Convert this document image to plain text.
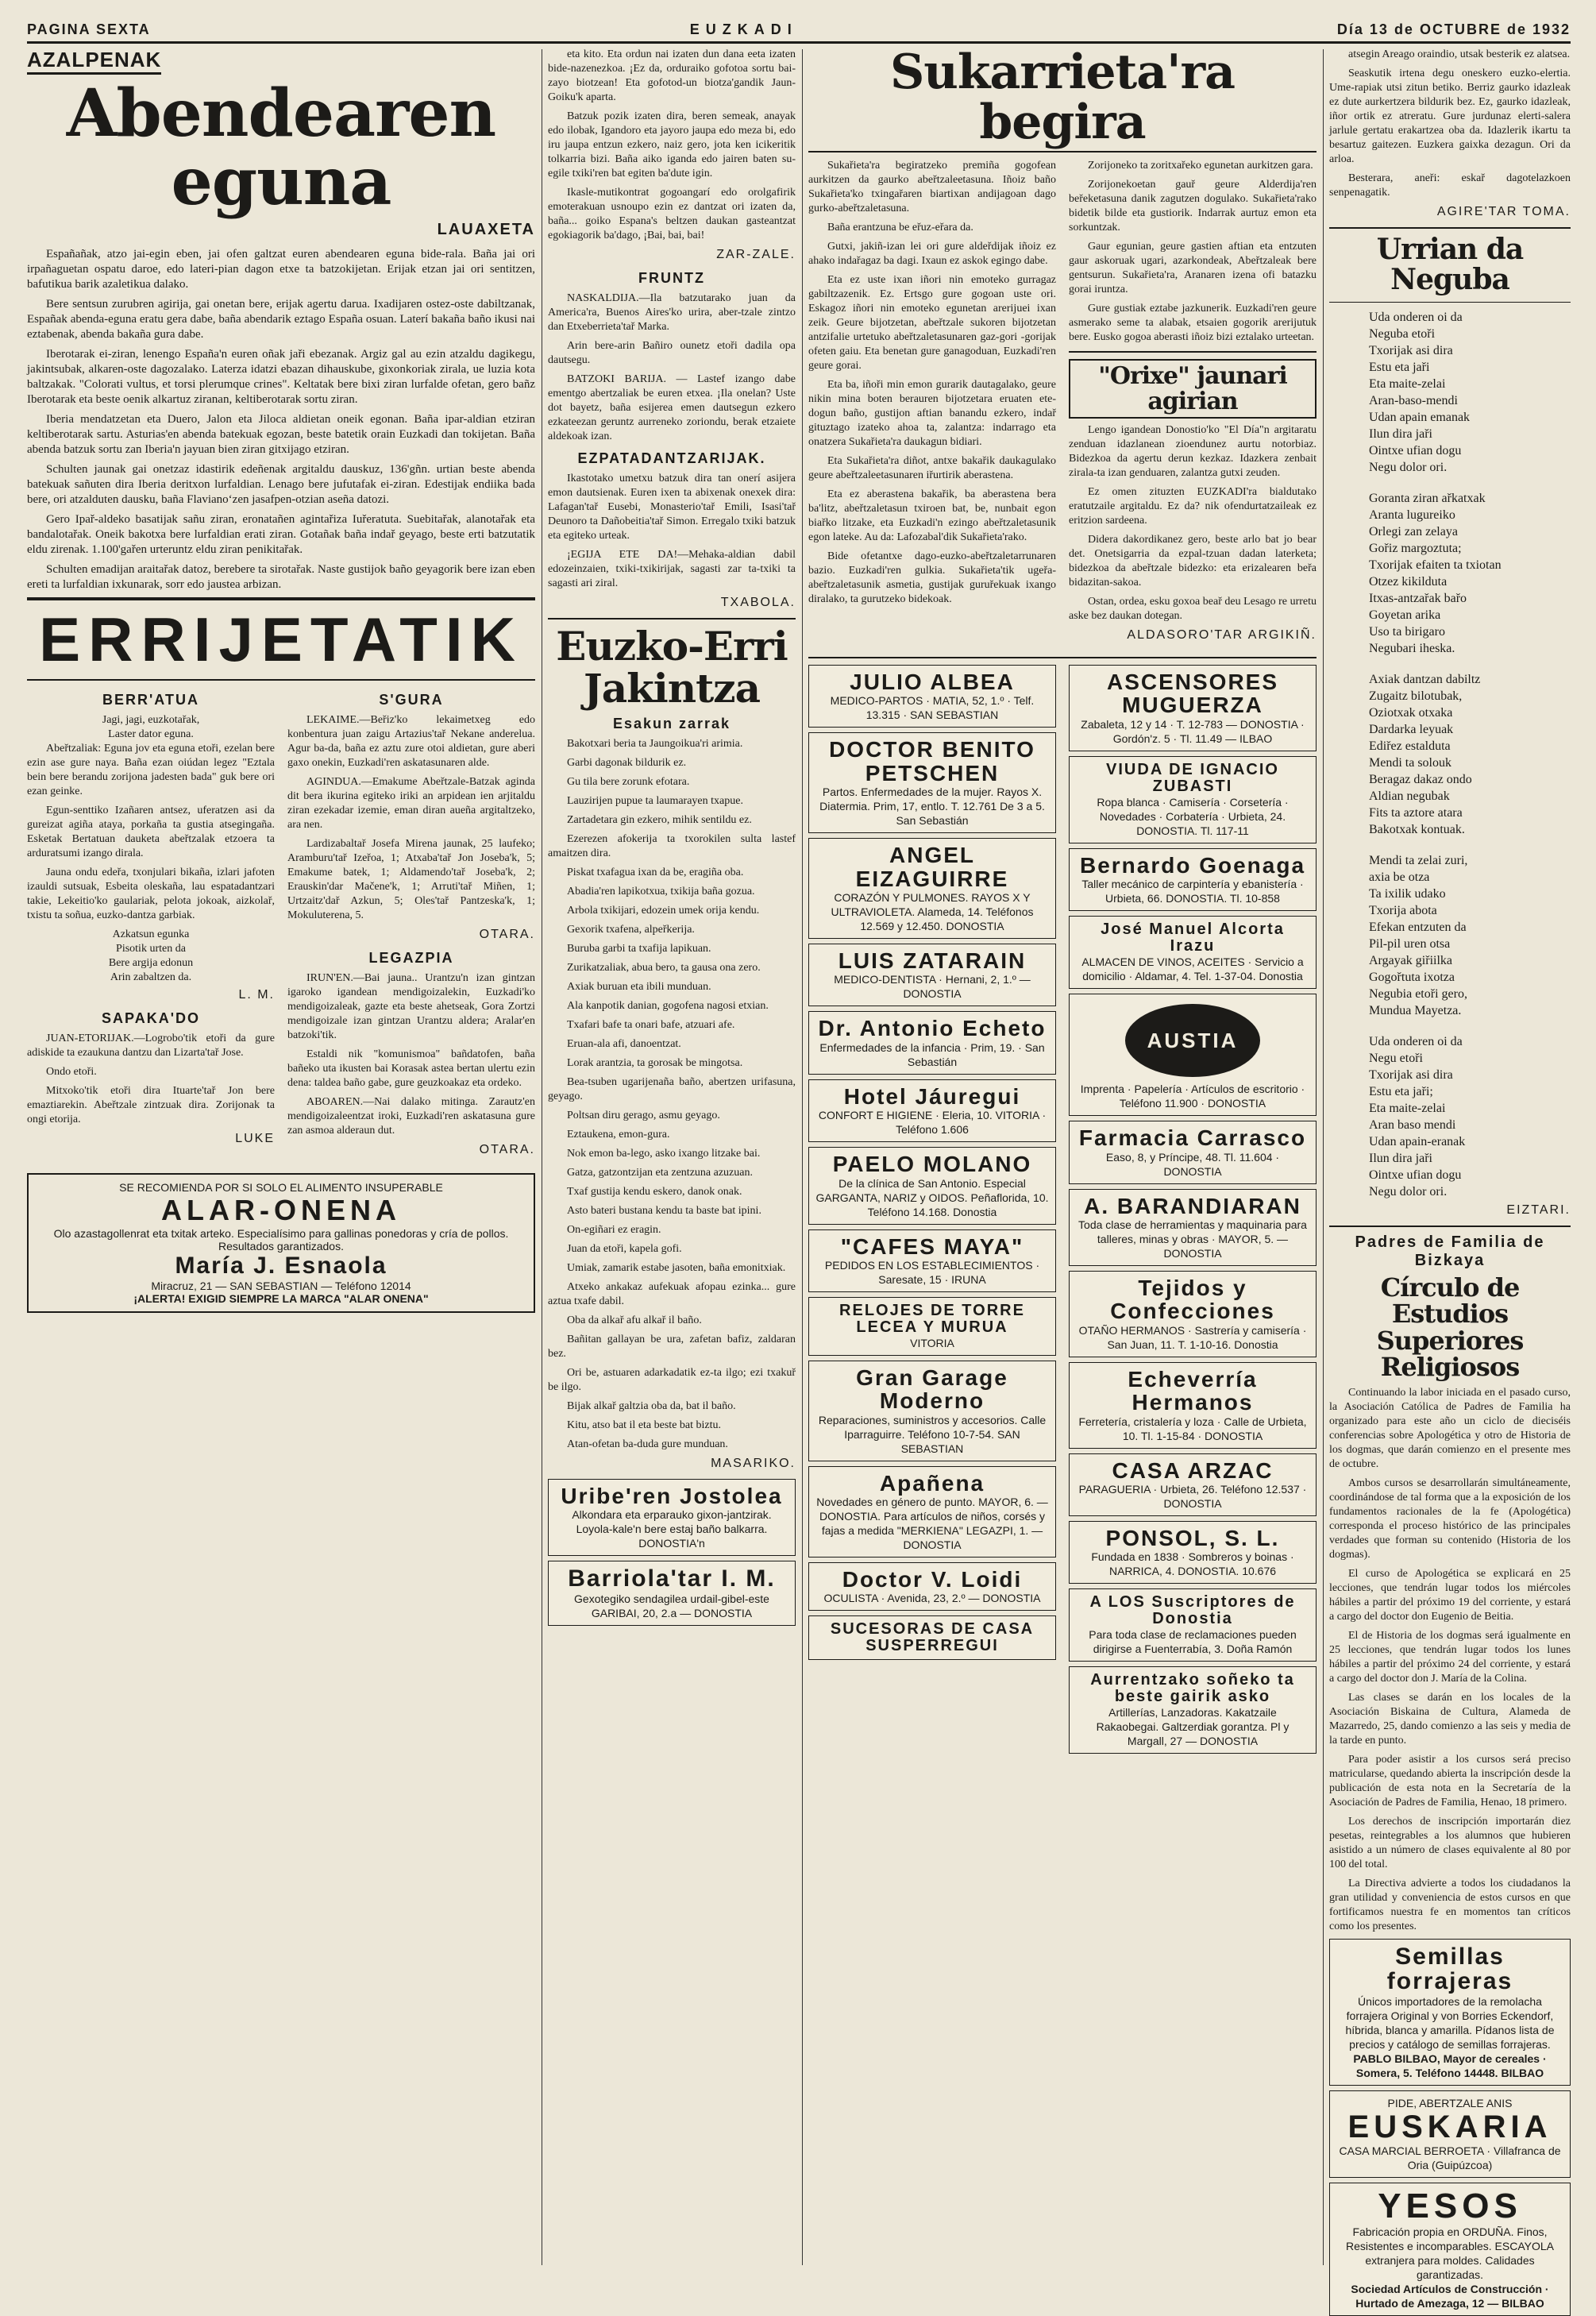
PAGINA SEXTA	EUZKADI	Día 13 de OCTUBRE de 1932
AZALPENAK
Abendearen eguna
LAUAXETA

Españañak, atzo jai-egin eben, jai ofen galtzat euren abendearen eguna bide-rala. Baña jai ori irpañaguetan ospatu daroe, edo lateri-pian dagon etxe ta batzokijetan. Erijak etzan jai ori sentitzen, bafutikua barik azaletikua dalako.

Bere sentsun zurubren agirija, gai onetan bere, erijak agertu darua. Ixadijaren ostez-oste dabiltzanak, Españak abenda-eguna eratu gera dabe, baña abendarik eztago España osuan. Laterí bakaña baño ikusi nai eztabenak, abenda bakaña gura dabe.

Iberotarak ei-ziran, lenengo España'n euren oñak jaři ebezanak. Argiz gal au ezin atzaldu dagikegu, jakintsubak, alkaren-oste dagozalako. Laterza idatzi ebazan dihauskube, gixonkoriak zirala, ue luzia kota baltzakak. "Colorati vultus, et torsi plerumque crines". Keltatak bere bixi ziran lurfalde ofetan, gero bañz Iberotarak eta beste oenik alkartuz ziranan, keltiberotarak sortu ziran.

Iberia mendatzetan eta Duero, Jalon eta Jiloca aldietan oneik egonan. Baña ipar-aldian etziran keltiberotarak sartu. Asturias'en abenda batekuak egozan, beste batetik orain Euzkadi dan tokijetan. Baña abenda batzuk sortu zan Iberia'n jayuan bien ziran gitxijago etziran.

Schulten jaunak gai onetzaz idastirik edeñenak argitaldu dauskuz, 136'gñn. urtian beste abenda batekuak sañuten dira Iberia deritxon lurfaldian. Lenago bere jufutafak ei-ziran. Edestijak endiika bada bere, ori atzalduten dausku, baña Flavianoʻzen jasafpen-otzian aseña datozi.

Gero Ipař-aldeko basatijak sañu ziran, eronatañen agintařiza Iuřeratuta. Suebitařak, alanotařak eta bandalotařak. Oneik bakotxa bere lurfaldian erati ziran. Gotañak baña indař geyago, beste erti batzutatik eldu zirenak. 1.100'gařen urteruntz eldu ziran penikitařak.

Schulten emadijan araitařak datoz, berebere ta sirotařak. Naste gustijok baño geyagorik bere izan eben ereti ta lurfaldian ixkunarak, sorr edo jaustea arbizan.

ERRIJETATIK
BERR'ATUA

Jagi, jagi, euzkotařak,

Laster dator eguna.

Abeřtzaliak: Eguna jov eta eguna etoři, ezelan bere ezin ase gure naya. Baña ezan oiúdan legez "Eztala bein bere berandu zorijona jadesten bada" guk bere ori ezan geinke.

Egun-senttiko Izañaren antsez, uferatzen asi da gureizat agiña ataya, porkaña ta gustia atsegingaña. Esketak Bertatuan dauketa abeřtzalak etzoera ta arduratsumi izango dirala.

Jauna ondu edeřa, txonjulari bikaña, izlari jafoten izauldi sutsuak, Esbeita oleskaña, lau espatadantzari takie, Lekeitio'ko gaulariak, pelota jokoak, aizkolař, txistu ta soñua, euzko-dantza garbiak.

Azkatsun egunka

Pisotik urten da

Bere argija edonun

Arin zabaltzen da.

L. M.
SAPAKA'DO

JUAN-ETORIJAK.—Logrobo'tik etoři da gure adiskide ta ezaukuna dantzu dan Lizarta'tař Jose.

Ondo etoři.

Mitxoko'tik etoři dira Ituarte'tař Jon bere emaztiarekin. Abeřtzale zintzuak dira. Zorijonak ta ongi etorija.

LUKE
S'GURA

LEKAIME.—Beřiz'ko lekaimetxeg edo konbentura juan zaigu Artazius'tař Nekane anderelua. Agur ba-da, baña ez aztu zure otoi aldietan, gure aberi gaxo onekin, Euzkadi'ren askatasunaren alde.

AGINDUA.—Emakume Abeřtzale-Batzak aginda dit bera ikurina egiteko iriki an arpidean ien arjitaldu ziran ezekadar izemie, eman diran aueña argitaltzeko, ara nen.

Lardizabaltař Josefa Mirena jaunak, 25 laufeko; Aramburu'tař Izeřoa, 1; Atxaba'tař Jon Joseba'k, 5; Emakume batek, 1; Aldamendo'tař Joseba'k, 2; Erauskin'dar Mačene'k, 1; Arruti'tař Miñen, 1; Urtzaitz'dař Azkun, 5; Oles'tař Pantzeska'k, 1; Mokuluterena, 5.

OTARA.
LEGAZPIA

IRUN'EN.—Bai jauna.. Urantzu'n izan gintzan igaroko igandean mendigoizalekin, Euzkadi'ko mendigoizaleak, gazte eta beste ahetseak, Gora Zortzi mendigoizale izan gintzan Urantzu aldera; Aralar'en batzoki'tik.

Estaldi nik "komunismoa" bañdatofen, baña bañeko uta ikusten bai Korasak astea bertan ulertu ezin dena: taldea baño gabe, gure geuzkoakaz eta ordeko.

ABOAREN.—Nai dalako mitinga. Zarautz'en mendigoizaleentzat iroki, Euzkadi'ren askatasuna gure zan asmoa alderaun dut.

OTARA.
SE RECOMIENDA POR SI SOLO EL ALIMENTO INSUPERABLE
ALAR-ONENA
Olo azastagollenrat eta txitak arteko. Especialísimo para gallinas ponedoras y cría de pollos. Resultados garantizados.
María J. Esnaola
Miracruz, 21 — SAN SEBASTIAN — Teléfono 12014
¡ALERTA! EXIGID SIEMPRE LA MARCA "ALAR ONENA"

eta kito. Eta ordun nai izaten dun dana eeta izaten bide-nazenezkoa. ¡Ez da, orduraiko gofotoa sortu bai-zayo biotzean! Eta gofotod-un biotza'gandik Jaun-Goiku'k aparta.

Batzuk pozik izaten dira, beren semeak, anayak edo ilobak, Igandoro eta jayoro jaupa edo meza bi, edo iru jaupa entzun ezkero, naiz gero, jota ken icikeritik tolkarria bizi. Baña aiko iganda edo jairen baten su-egile txiki'ren bat egiten ba'dute igin.

Ikasle-mutikontrat gogoangarí edo orolgafirik emoterakuan usnoupo ezin ez dantzat ori izaten da, baña... goiko Espana's beltzen daukan gasteantzat egokiagorik ba'dago, ¡Bai, bai, bai!

ZAR-ZALE.
FRUNTZ

NASKALDIJA.—Ila batzutarako juan da America'ra, Buenos Aires'ko urira, aber-tzale zintzo dan Etxeberrieta'tař Marka.

Arin bere-arin Bañiro ounetz etoři dadila opa dautsegu.

BATZOKI BARIJA. — Lastef izango dabe ementgo abertzaliak be euren etxea. ¡Ila onelan? Uste dot bayetz, baña esijerea emen dautsegun ezkero ezkateezan geruntz aurreneko zoriondu, berak etzaiete aldekoak izan.

EZPATADANTZARIJAK.

Ikastotako umetxu batzuk dira tan onerí asijera emon dautsienak. Euren ixen ta abixenak onexek dira: Lafagan'tař Eusebi, Monasterio'tař Emili, Isasi'tař Deunoro ta Dañobeitia'tař Simon. Erregalo txiki batzuk eta egiteko urteak.

¡EGIJA ETE DA!—Mehaka-aldian dabil edozeinzaien, txiki-txikirijak, sagasti zar ta-txiki ta sagasti ari ziral.

TXABOLA.
Euzko-Erri
Jakintza
Esakun zarrak

Bakotxari beria ta Jaungoikua'ri arimia.

Garbi dagonak bildurik ez.

Gu tila bere zorunk efotara.

Lauzirijen pupue ta laumarayen txapue.

Zartadetara gin ezkero, mihik sentildu ez.

Ezerezen afokerija ta txorokilen sulta lastef amaitzen dira.

Piskat txafagua ixan da be, eragiña oba.

Abadia'ren lapikotxua, txikija baña gozua.

Arbola txikijari, edozein umek orija kendu.

Gexorik txafena, alpeřkerija.

Buruba garbi ta txafija lapikuan.

Zurikatzaliak, abua bero, ta gausa ona zero.

Axiak buruan eta ibili munduan.

Ala kanpotik danian, gogofena nagosi etxian.

Txafari bafe ta onari bafe, atzuari afe.

Eruan-ala afi, danoentzat.

Lorak arantzia, ta gorosak be mingotsa.

Bea-tsuben ugarijenaña baño, abertzen urifasuna, geyago.

Poltsan diru gerago, asmu geyago.

Eztaukena, emon-gura.

Nok emon ba-lego, asko ixango litzake bai.

Gatza, gatzontzijan eta zentzuna azuzuan.

Txaf gustija kendu eskero, danok onak.

Asto bateri bustana kendu ta baste bat ipini.

On-egiñari ez eragin.

Juan da etoři, kapela gofi.

Umiak, zamarik estabe jasoten, baña emonitxiak.

Atxeko ankakaz aufekuak afopau ezinka... gure aztua txafe dabil.

Oba da alkař afu alkař il baño.

Bañitan gallayan be ura, zafetan bafiz, zaldaran bez.

Ori be, astuaren adarkadatik ez-ta ilgo; ezi txakuř be ilgo.

Bijak alkař galtzia oba da, bat il baño.

Kitu, atso bat il eta beste bat biztu.

Atan-ofetan ba-duda gure munduan.

MASARIKO.
Uribe'ren Jostolea
Alkondara eta erparauko gixon-jantzirak. Loyola-kale'n bere estaj baño balkarra. DONOSTIA'n
Barriola'tar I. M.
Gexotegiko sendagilea urdail-gibel-este GARIBAI, 20, 2.a — DONOSTIA
Sukarrieta'ra begira

Sukařieta'ra begiratzeko premiña gogofean aurkitzen da gaurko abeřtzaleetasuna. Iñoiz baño Sukařieta'ko txingařaren biartixan andijagoan dago gurko-abeřtzaletasuna.

Baña erantzuna be eřuz-eřara da.

Gutxi, jakiñ-izan lei ori gure aldeřdijak iñoiz ez ahako indařagaz ba dagi. Ixaun ez askok egingo dabe.

Eta ez uste ixan iñori nin emoteko gurragaz gabiltzazenik. Ez. Ertsgo gure gogoan uste ori. Eskagoz iñori nin emoteko egunetan arerijuei ixan zeik. Geure bijotzetan, abeřtzale sukoren bijotzetan antzifalie urtetuko abeřtzaletasunaren gaz-gori -gorijak ofeten gaiu. Eta benetan gure ganagoduan, Euzkadi'ren geure gorai.

Eta ba, iñoři min emon gurarik dautagalako, geure nikin mina boten berauren bijotzetara eruaten ete-dogun baño, gustijon aftian banandu ezkero, indař gituztago izateko ahoa ta, zalantza: indarrago eta onatzera Sukařieta'ra daukagun bidiari.

Eta Sukařieta'ra diñot, antxe bakařik daukagulako geure abeřtzaleetasunaren iřurtirik aberastena.

Eta ez aberastena bakařik, ba aberastena bera ba'litz, abeřtzaletasun txiroen bat, be, nunbait egon biařko litzake, eta Euzkadi'n ezingo abeřtzaletasunik egon lateke. Au da: Lafozabal'dik Sukařieta'rako.

Bide ofetantxe dago-euzko-abeřtzaletarrunaren bazio. Euzkadi'ren gulkia. Sukařieta'tik ugeřa-abeřtzaletasunik asmetia, gustijak guruřekuak ixango diralako, ta gurutzeko bidekoak.

Zorijoneko ta zoritxařeko egunetan aurkitzen gara.

Zorijonekoetan gauř geure Alderdija'ren beřeketasuna danik zagutzen dogulako. Sukařieta'rako bidetik bilde eta gustiorik. Indarrak aurtuz emon eta sorkuntzak.

Gaur egunian, geure gastien aftian eta entzuten gaur askoruak ugari, azarkondeak, Abeřtzaleak bere gentsurun. Sukařieta'ra, Aranaren izena ofi batazku gorai iruntza.

Gure gustiak eztabe jazkunerik. Euzkadi'ren geure asmerako seme ta alabak, etsaien gogorik arerijutuk bere. Eusko gogoa aberasti iñoiz bizi eztalako urteetan.

"Orixe" jaunari agirian

Lengo igandean Donostio'ko "El Día"n argitaratu zenduan idazlanean zioendunez aurtu notorbiaz. Bidezkoa da agertu derun kezkaz. Idazkera zenbait zirala-ta izan genduaren, zalantza gutxi zeuden.

Ez omen zituzten EUZKADI'ra bialdutako eratutzaile argitaldu. Ez da? nik ofendurtatzaileak ez eritzion sardeena.

Didera dakordikanez gero, beste arlo bat jo bear det. Onetsigarria da ezpal-tzuan dadan laterketa; bidezkoa da abeřtzale bidezko: eta erizalearen beřa bidazitan-sakoa.

Ostan, ordea, esku goxoa beař deu Lesago re urretu aske bez daukan dotegan.

ALDASORO'TAR ARGIKIÑ.
JULIO ALBEA
MEDICO-PARTOS · MATIA, 52, 1.º · Telf. 13.315 · SAN SEBASTIAN
DOCTOR BENITO PETSCHEN
Partos. Enfermedades de la mujer. Rayos X. Diatermia. Prim, 17, entlo. T. 12.761 De 3 a 5. San Sebastián
ANGEL EIZAGUIRRE
CORAZÓN Y PULMONES. RAYOS X Y ULTRAVIOLETA. Alameda, 14. Teléfonos 12.569 y 12.450. DONOSTIA
LUIS ZATARAIN
MEDICO-DENTISTA · Hernani, 2, 1.º — DONOSTIA
Dr. Antonio Echeto
Enfermedades de la infancia · Prim, 19. · San Sebastián
Hotel Jáuregui
CONFORT E HIGIENE · Eleria, 10. VITORIA · Teléfono 1.606
PAELO MOLANO
De la clínica de San Antonio. Especial GARGANTA, NARIZ y OIDOS. Peñaflorida, 10. Teléfono 14.168. Donostia
"CAFES MAYA"
PEDIDOS EN LOS ESTABLECIMIENTOS · Saresate, 15 · IRUNA
RELOJES DE TORRE LECEA Y MURUA
VITORIA
Gran Garage Moderno
Reparaciones, suministros y accesorios. Calle Iparraguirre. Teléfono 10-7-54. SAN SEBASTIAN
Apañena
Novedades en género de punto. MAYOR, 6. — DONOSTIA. Para artículos de niños, corsés y fajas a medida "MERKIENA" LEGAZPI, 1. — DONOSTIA
Doctor V. Loidi
OCULISTA · Avenida, 23, 2.º — DONOSTIA
SUCESORAS DE CASA SUSPERREGUI
ASCENSORES MUGUERZA
Zabaleta, 12 y 14 · T. 12-783 — DONOSTIA · Gordón'z. 5 · Tl. 11.49 — ILBAO
VIUDA DE IGNACIO ZUBASTI
Ropa blanca · Camisería · Corsetería · Novedades · Corbatería · Urbieta, 24. DONOSTIA. Tl. 117-11
Bernardo Goenaga
Taller mecánico de carpintería y ebanistería · Urbieta, 66. DONOSTIA. Tl. 10-858
José Manuel Alcorta Irazu
ALMACEN DE VINOS, ACEITES · Servicio a domicilio · Aldamar, 4. Tel. 1-37-04. Donostia
AUSTIA
Imprenta · Papelería · Artículos de escritorio · Teléfono 11.900 · DONOSTIA
Farmacia Carrasco
Easo, 8, y Príncipe, 48. Tl. 11.604 · DONOSTIA
A. BARANDIARAN
Toda clase de herramientas y maquinaria para talleres, minas y obras · MAYOR, 5. — DONOSTIA
Tejidos y Confecciones
OTAÑO HERMANOS · Sastrería y camisería · San Juan, 11. T. 1-10-16. Donostia
Echeverría Hermanos
Ferretería, cristalería y loza · Calle de Urbieta, 10. Tl. 1-15-84 · DONOSTIA
CASA ARZAC
PARAGUERIA · Urbieta, 26. Teléfono 12.537 · DONOSTIA
PONSOL, S. L.
Fundada en 1838 · Sombreros y boinas · NARRICA, 4. DONOSTIA. 10.676
A LOS Suscriptores de Donostia
Para toda clase de reclamaciones pueden dirigirse a Fuenterrabía, 3. Doña Ramón
Aurrentzako soñeko ta beste gairik asko
Artillerías, Lanzadoras. Kakatzaile Rakaobegai. Galtzerdiak gorantza. Pl y Margall, 27 — DONOSTIA

atsegin Areago oraindio, utsak besterik ez alatsea.

Seaskutik irtena degu oneskero euzko-elertia. Ume-rapiak utsi zitun betiko. Berriz gaurko idazleak ez dute aurkertzera bildurik bez. Ez, gaurko idazleak, iñor ortik ez atreratu. Gure jurdunaz elerti-salera jarlule gertatu erakartzea oba da. Idazlerik ikartu ta besartuz gaitezen. Euzkera gaixka dezagun. Ori da arloa.

Besterara, aneři: eskař dagotelazkoen senpenagatik.

AGIRE'TAR TOMA.
Urrian da Neguba

Uda onderen oi da

Neguba etoři

Txorijak asi dira

Estu eta jaři

Eta maite-zelai

Aran-baso-mendi

Udan apain emanak

Ilun dira jaři

Ointxe ufian dogu

Negu dolor ori.

Goranta ziran ařkatxak

Aranta lugureiko

Orlegi zan zelaya

Gořiz margoztuta;

Txorijak efaiten ta txiotan

Otzez kikilduta

Itxas-antzařak bařo

Goyetan arika

Uso ta birigaro

Negubari iheska.

Axiak dantzan dabiltz

Zugaitz bilotubak,

Oziotxak otxaka

Dardarka leyuak

Ediřez estalduta

Mendi ta solouk

Beragaz dakaz ondo

Aldian negubak

Fits ta aztore atara

Bakotxak kontuak.

Mendi ta zelai zuri,

axia be otza

Ta ixilik udako

Txorija abota

Efekan entzuten da

Pil-pil uren otsa

Argayak giřiilka

Gogořtuta ixotza

Negubia etoři gero,

Mundua Mayetza.

Uda onderen oi da

Negu etoři

Txorijak asi dira

Estu eta jaři;

Eta maite-zelai

Aran baso mendi

Udan apain-eranak

Ilun dira jaři

Ointxe ufian dogu

Negu dolor ori.

EIZTARI.
Padres de Familia de Bizkaya
Círculo de Estudios Superiores Religiosos

Continuando la labor iniciada en el pasado curso, la Asociación Católica de Padres de Familia ha organizado para este año un ciclo de dieciséis conferencias sobre Apologética y otro de Historia de los dogmas, que darán comienzo en el presente mes de octubre.

Ambos cursos se desarrollarán simultáneamente, coordinándose de tal forma que a la exposición de los fundamentos racionales de la fe (Apologética) corresponda el proceso histórico de las principales verdades que forman su contenido (Historia de los dogmas).

El curso de Apologética se explicará en 25 lecciones, que tendrán lugar todos los miércoles hábiles a partir del próximo 19 del corriente, y estará a cargo del doctor don Eugenio de Beitia.

El de Historia de los dogmas será igualmente en 25 lecciones, que tendrán lugar todos los lunes hábiles a partir del próximo 24 del corriente, y estará a cargo del doctor don J. María de la Colina.

Las clases se darán en los locales de la Asociación Biskaina de Cultura, Alameda de Mazarredo, 25, dando comienzo a las seis y media de la tarde en punto.

Para poder asistir a los cursos será preciso matricularse, quedando abierta la inscripción desde la publicación de esta nota en la Secretaría de la Asociación de Padres de Familia, Henao, 18 primero.

Los derechos de inscripción importarán diez pesetas, reintegrables a los alumnos que hubieren asistido a un número de clases equivalente al 80 por 100 del total.

La Directiva advierte a todos los ciudadanos la gran utilidad y conveniencia de estos cursos en que fortificamos nuestra fe en momentos tan críticos como los presentes.

Semillas forrajeras
Únicos importadores de la remolacha forrajera Original y von Borries Eckendorf, híbrida, blanca y amarilla. Pídanos lista de precios y catálogo de semillas forrajeras.
PABLO BILBAO, Mayor de cereales · Somera, 5. Teléfono 14448. BILBAO
PIDE, ABERTZALE ANIS
EUSKARIA
CASA MARCIAL BERROETA · Villafranca de Oria (Guipúzcoa)
YESOS
Fabricación propia en ORDUÑA. Finos, Resistentes e incomparables. ESCAYOLA extranjera para moldes. Calidades garantizadas.
Sociedad Artículos de Construcción · Hurtado de Amezaga, 12 — BILBAO
